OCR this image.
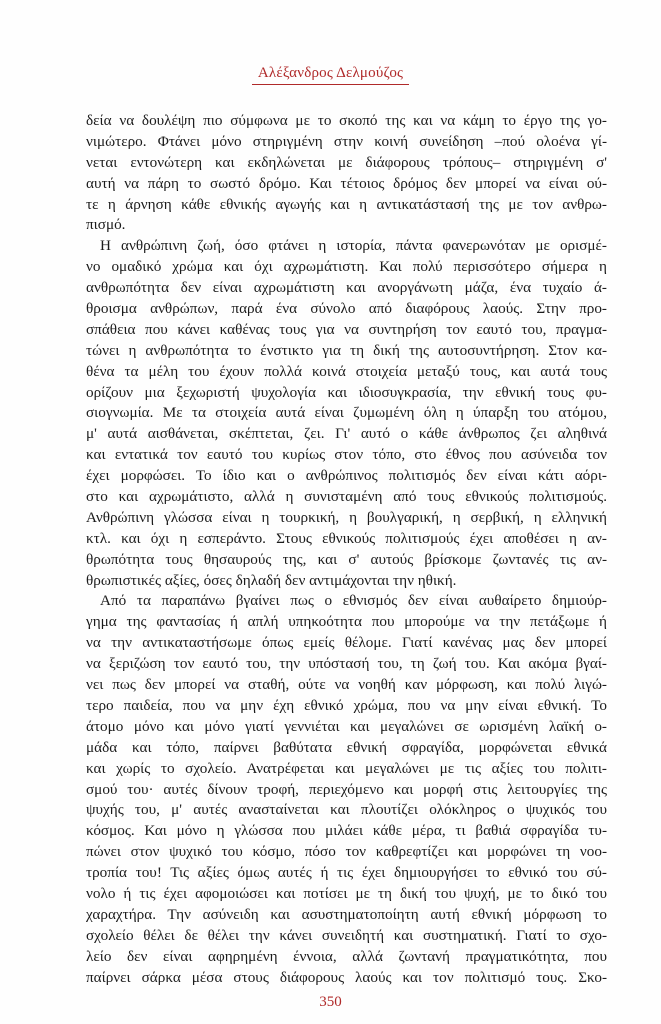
Αλέξανδρος Δελμούζος
δεία να δουλέψη πιο σύμφωνα με το σκοπό της και να κάμη το έργο της γο-
νιμώτερο. Φτάνει μόνο στηριγμένη στην κοινή συνείδηση –πού ολοένα γί-
νεται εντονώτερη και εκδηλώνεται με διάφορους τρόπους– στηριγμένη σ'
αυτή να πάρη το σωστό δρόμο. Και τέτοιος δρόμος δεν μπορεί να είναι ού-
τε η άρνηση κάθε εθνικής αγωγής και η αντικατάστασή της με τον ανθρω-
πισμό.
Η ανθρώπινη ζωή, όσο φτάνει η ιστορία, πάντα φανερωνόταν με ορισμέ-
νο ομαδικό χρώμα και όχι αχρωμάτιστη. Και πολύ περισσότερο σήμερα η
ανθρωπότητα δεν είναι αχρωμάτιστη και ανοργάνωτη μάζα, ένα τυχαίο ά-
θροισμα ανθρώπων, παρά ένα σύνολο από διαφόρους λαούς. Στην προ-
σπάθεια που κάνει καθένας τους για να συντηρήση τον εαυτό του, πραγμα-
τώνει η ανθρωπότητα το ένστικτο για τη δική της αυτοσυντήρηση. Στον κα-
θένα τα μέλη του έχουν πολλά κοινά στοιχεία μεταξύ τους, και αυτά τους
ορίζουν μια ξεχωριστή ψυχολογία και ιδιοσυγκρασία, την εθνική τους φυ-
σιογνωμία. Με τα στοιχεία αυτά είναι ζυμωμένη όλη η ύπαρξη του ατόμου,
μ' αυτά αισθάνεται, σκέπτεται, ζει. Γι' αυτό ο κάθε άνθρωπος ζει αληθινά
και εντατικά τον εαυτό του κυρίως στον τόπο, στο έθνος που ασύνειδα τον
έχει μορφώσει. Το ίδιο και ο ανθρώπινος πολιτισμός δεν είναι κάτι αόρι-
στο και αχρωμάτιστο, αλλά η συνισταμένη από τους εθνικούς πολιτισμούς.
Ανθρώπινη γλώσσα είναι η τουρκική, η βουλγαρική, η σερβική, η ελληνική
κτλ. και όχι η εσπεράντο. Στους εθνικούς πολιτισμούς έχει αποθέσει η αν-
θρωπότητα τους θησαυρούς της, και σ' αυτούς βρίσκομε ζωντανές τις αν-
θρωπιστικές αξίες, όσες δηλαδή δεν αντιμάχονται την ηθική.
Από τα παραπάνω βγαίνει πως ο εθνισμός δεν είναι αυθαίρετο δημιούρ-
γημα της φαντασίας ή απλή υπηκοότητα που μπορούμε να την πετάξωμε ή
να την αντικαταστήσωμε όπως εμείς θέλομε. Γιατί κανένας μας δεν μπορεί
να ξεριζώση τον εαυτό του, την υπόστασή του, τη ζωή του. Και ακόμα βγαί-
νει πως δεν μπορεί να σταθή, ούτε να νοηθή καν μόρφωση, και πολύ λιγώ-
τερο παιδεία, που να μην έχη εθνικό χρώμα, που να μην είναι εθνική. Το
άτομο μόνο και μόνο γιατί γεννιέται και μεγαλώνει σε ωρισμένη λαϊκή ο-
μάδα και τόπο, παίρνει βαθύτατα εθνική σφραγίδα, μορφώνεται εθνικά
και χωρίς το σχολείο. Ανατρέφεται και μεγαλώνει με τις αξίες του πολιτι-
σμού του· αυτές δίνουν τροφή, περιεχόμενο και μορφή στις λειτουργίες της
ψυχής του, μ' αυτές ανασταίνεται και πλουτίζει ολόκληρος ο ψυχικός του
κόσμος. Και μόνο η γλώσσα που μιλάει κάθε μέρα, τι βαθιά σφραγίδα τυ-
πώνει στον ψυχικό του κόσμο, πόσο τον καθρεφτίζει και μορφώνει τη νοο-
τροπία του! Τις αξίες όμως αυτές ή τις έχει δημιουργήσει το εθνικό του σύ-
νολο ή τις έχει αφομοιώσει και ποτίσει με τη δική του ψυχή, με το δικό του
χαραχτήρα. Την ασύνειδη και ασυστηματοποίητη αυτή εθνική μόρφωση το
σχολείο θέλει δε θέλει την κάνει συνειδητή και συστηματική. Γιατί το σχο-
λείο δεν είναι αφηρημένη έννοια, αλλά ζωντανή πραγματικότητα, που
παίρνει σάρκα μέσα στους διάφορους λαούς και τον πολιτισμό τους. Σκο-
350
